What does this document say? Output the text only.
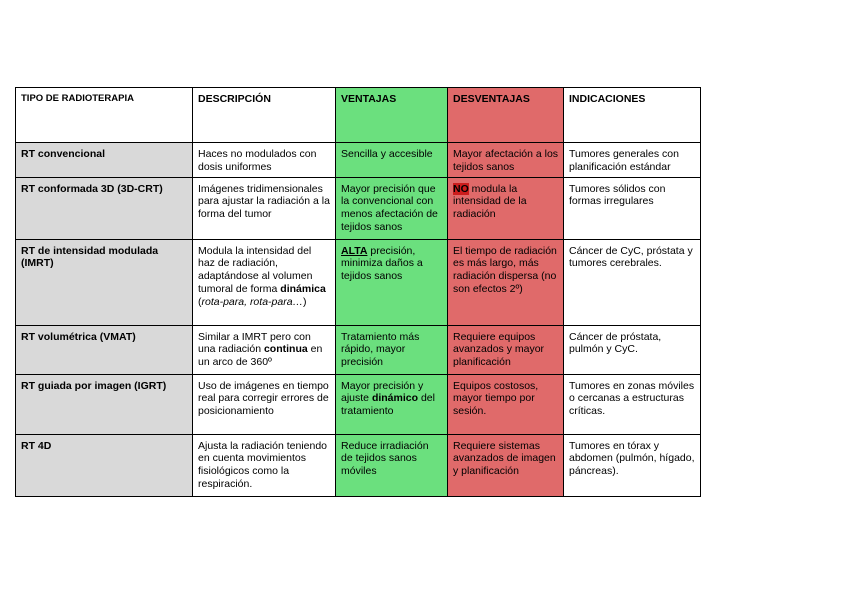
TIPO DE RADIOTERAPIA	DESCRIPCIÓN	VENTAJAS	DESVENTAJAS	INDICACIONES
RT convencional	Haces no modulados con dosis uniformes	Sencilla y accesible	Mayor afectación a los tejidos sanos	Tumores generales con planificación estándar
RT conformada 3D (3D-CRT)	Imágenes tridimensionales para ajustar la radiación a la forma del tumor	Mayor precisión que la convencional con menos afectación de tejidos sanos	NO modula la intensidad de la radiación	Tumores sólidos con formas irregulares
RT de intensidad modulada (IMRT)	Modula la intensidad del haz de radiación, adaptándose al volumen tumoral de forma dinámica (rota-para, rota-para…)	ALTA precisión, minimiza daños a tejidos sanos	El tiempo de radiación es más largo, más radiación dispersa (no son efectos 2º)	Cáncer de CyC, próstata y tumores cerebrales.
RT volumétrica (VMAT)	Similar a IMRT pero con una radiación continua en un arco de 360º	Tratamiento más rápido, mayor precisión	Requiere equipos avanzados y mayor planificación	Cáncer de próstata, pulmón y CyC.
RT guiada por imagen (IGRT)	Uso de imágenes en tiempo real para corregir errores de posicionamiento	Mayor precisión y ajuste dinámico del tratamiento	Equipos costosos, mayor tiempo por sesión.	Tumores en zonas móviles o cercanas a estructuras críticas.
RT 4D	Ajusta la radiación teniendo en cuenta movimientos fisiológicos como la respiración.	Reduce irradiación de tejidos sanos móviles	Requiere sistemas avanzados de imagen y planificación	Tumores en tórax y abdomen (pulmón, hígado, páncreas).
